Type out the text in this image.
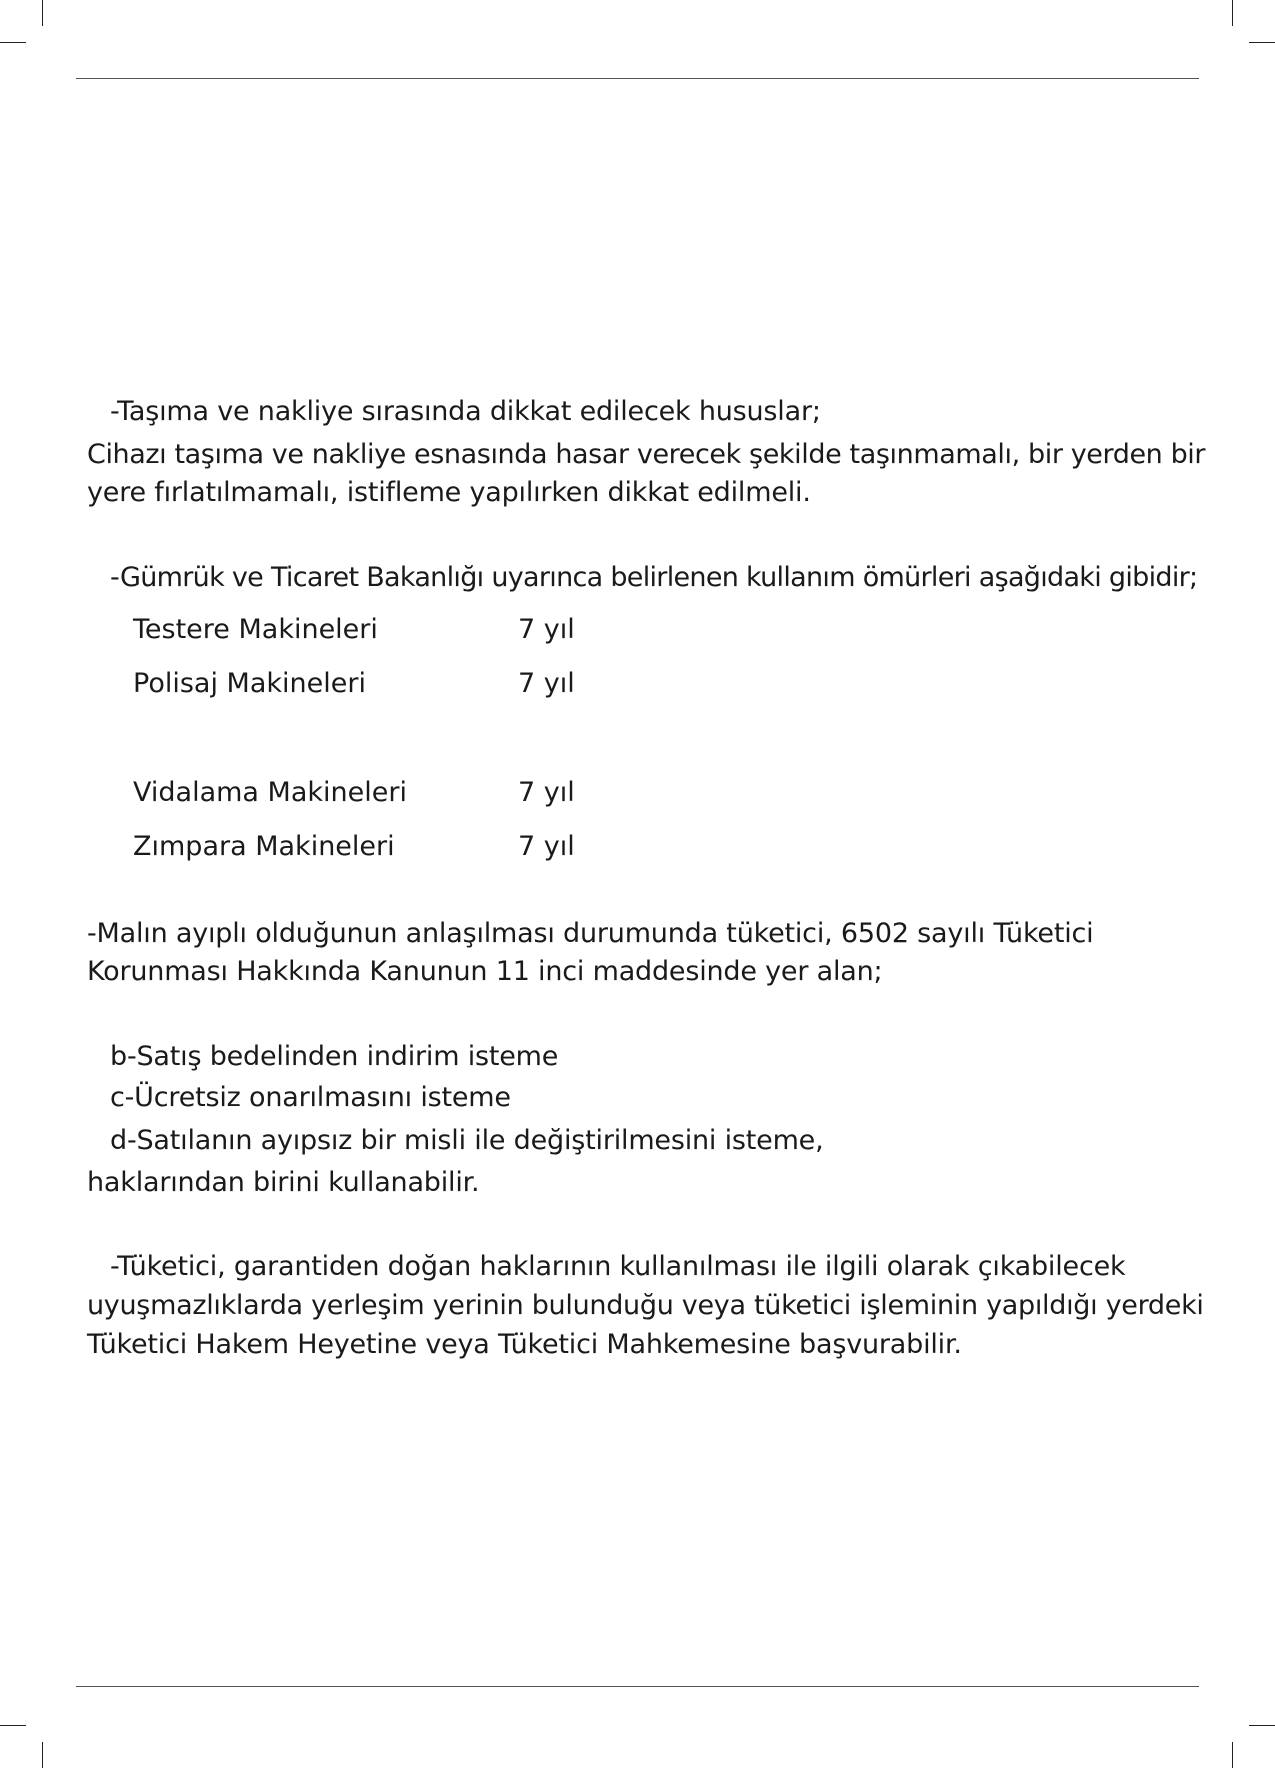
-Taşıma ve nakliye sırasında dikkat edilecek hususlar;
Cihazı taşıma ve nakliye esnasında hasar verecek şekilde taşınmamalı, bir yerden bir
yere fırlatılmamalı, istifleme yapılırken dikkat edilmeli.
-Gümrük ve Ticaret Bakanlığı uyarınca belirlenen kullanım ömürleri aşağıdaki gibidir;
Testere Makineleri	7 yıl
Polisaj Makineleri	7 yıl
Vidalama Makineleri	7 yıl
Zımpara Makineleri	7 yıl
-Malın ayıplı olduğunun anlaşılması durumunda tüketici, 6502 sayılı Tüketici
Korunması Hakkında Kanunun 11 inci maddesinde yer alan;
b-Satış bedelinden indirim isteme
c-Ücretsiz onarılmasını isteme
d-Satılanın ayıpsız bir misli ile değiştirilmesini isteme,
haklarından birini kullanabilir.
-Tüketici, garantiden doğan haklarının kullanılması ile ilgili olarak çıkabilecek
uyuşmazlıklarda yerleşim yerinin bulunduğu veya tüketici işleminin yapıldığı yerdeki
Tüketici Hakem Heyetine veya Tüketici Mahkemesine başvurabilir.
